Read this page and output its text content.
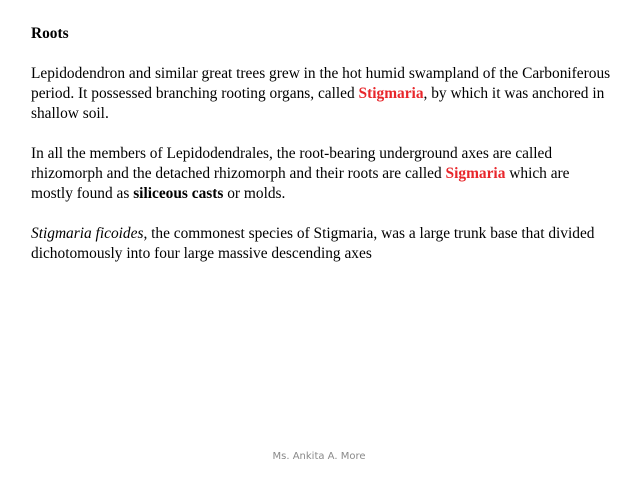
Roots

Lepidodendron and similar great trees grew in the hot humid swampland of the Carboniferous period. It possessed branching rooting organs, called Stigmaria, by which it was anchored in shallow soil.

In all the members of Lepidodendrales, the root-bearing underground axes are called rhizomorph and the detached rhizomorph and their roots are called Sigmaria which are mostly found as siliceous casts or molds.

Stigmaria ficoides, the commonest species of Stigmaria, was a large trunk base that divided dichotomously into four large massive descending axes

Ms. Ankita A. More
